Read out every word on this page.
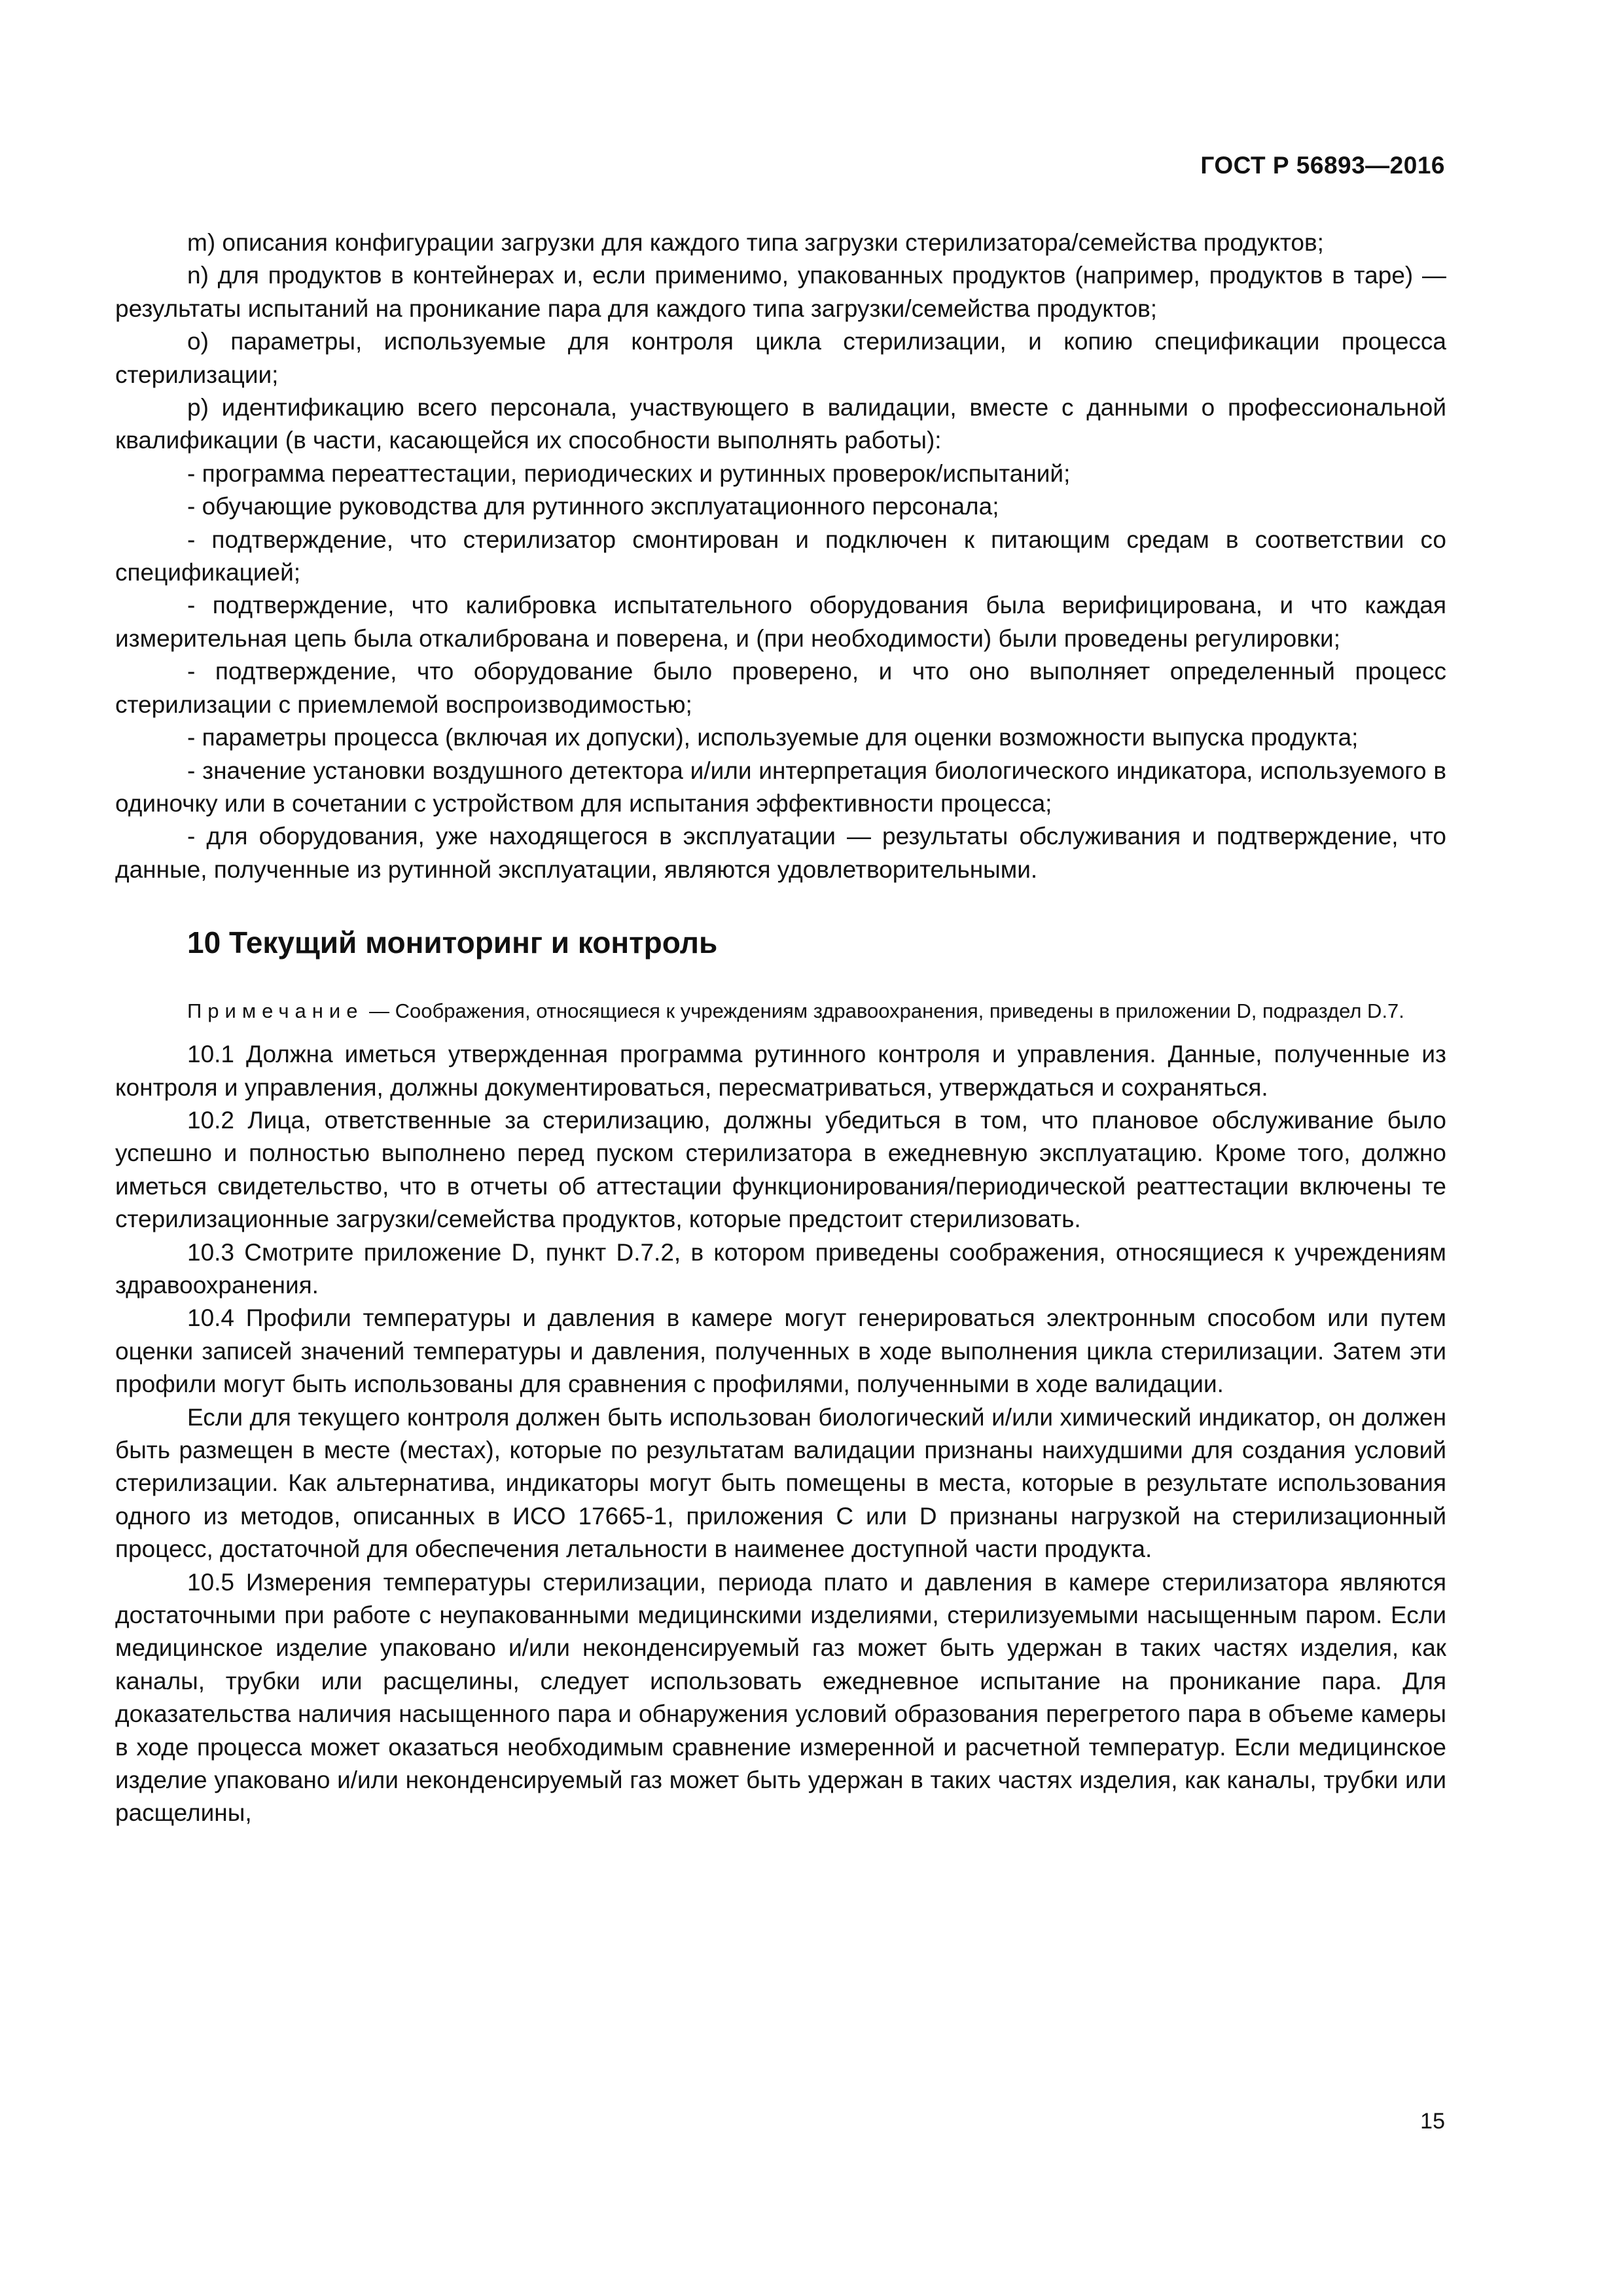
ГОСТ Р 56893—2016

m) описания конфигурации загрузки для каждого типа загрузки стерилизатора/семейства продуктов;

n) для продуктов в контейнерах и, если применимо, упакованных продуктов (например, продуктов в таре) — результаты испытаний на проникание пара для каждого типа загрузки/семейства продуктов;

о) параметры, используемые для контроля цикла стерилизации, и копию спецификации процесса стерилизации;

р) идентификацию всего персонала, участвующего в валидации, вместе с данными о профессиональной квалификации (в части, касающейся их способности выполнять работы):

- программа переаттестации, периодических и рутинных проверок/испытаний;

- обучающие руководства для рутинного эксплуатационного персонала;

- подтверждение, что стерилизатор смонтирован и подключен к питающим средам в соответствии со спецификацией;

- подтверждение, что калибровка испытательного оборудования была верифицирована, и что каждая измерительная цепь была откалибрована и поверена, и (при необходимости) были проведены регулировки;

- подтверждение, что оборудование было проверено, и что оно выполняет определенный процесс стерилизации с приемлемой воспроизводимостью;

- параметры процесса (включая их допуски), используемые для оценки возможности выпуска продукта;

- значение установки воздушного детектора и/или интерпретация биологического индикатора, используемого в одиночку или в сочетании с устройством для испытания эффективности процесса;

- для оборудования, уже находящегося в эксплуатации — результаты обслуживания и подтверждение, что данные, полученные из рутинной эксплуатации, являются удовлетворительными.

10 Текущий мониторинг и контроль
Примечание — Соображения, относящиеся к учреждениям здравоохранения, приведены в приложении D, подраздел D.7.

10.1 Должна иметься утвержденная программа рутинного контроля и управления. Данные, полученные из контроля и управления, должны документироваться, пересматриваться, утверждаться и сохраняться.

10.2 Лица, ответственные за стерилизацию, должны убедиться в том, что плановое обслуживание было успешно и полностью выполнено перед пуском стерилизатора в ежедневную эксплуатацию. Кроме того, должно иметься свидетельство, что в отчеты об аттестации функционирования/периодической реаттестации включены те стерилизационные загрузки/семейства продуктов, которые предстоит стерилизовать.

10.3 Смотрите приложение D, пункт D.7.2, в котором приведены соображения, относящиеся к учреждениям здравоохранения.

10.4 Профили температуры и давления в камере могут генерироваться электронным способом или путем оценки записей значений температуры и давления, полученных в ходе выполнения цикла стерилизации. Затем эти профили могут быть использованы для сравнения с профилями, полученными в ходе валидации.

Если для текущего контроля должен быть использован биологический и/или химический индикатор, он должен быть размещен в месте (местах), которые по результатам валидации признаны наихудшими для создания условий стерилизации. Как альтернатива, индикаторы могут быть помещены в места, которые в результате использования одного из методов, описанных в ИСО 17665-1, приложения С или D признаны нагрузкой на стерилизационный процесс, достаточной для обеспечения летальности в наименее доступной части продукта.

10.5 Измерения температуры стерилизации, периода плато и давления в камере стерилизатора являются достаточными при работе с неупакованными медицинскими изделиями, стерилизуемыми насыщенным паром. Если медицинское изделие упаковано и/или неконденсируемый газ может быть удержан в таких частях изделия, как каналы, трубки или расщелины, следует использовать ежедневное испытание на проникание пара. Для доказательства наличия насыщенного пара и обнаружения условий образования перегретого пара в объеме камеры в ходе процесса может оказаться необходимым сравнение измеренной и расчетной температур. Если медицинское изделие упаковано и/или неконденсируемый газ может быть удержан в таких частях изделия, как каналы, трубки или расщелины,

15
